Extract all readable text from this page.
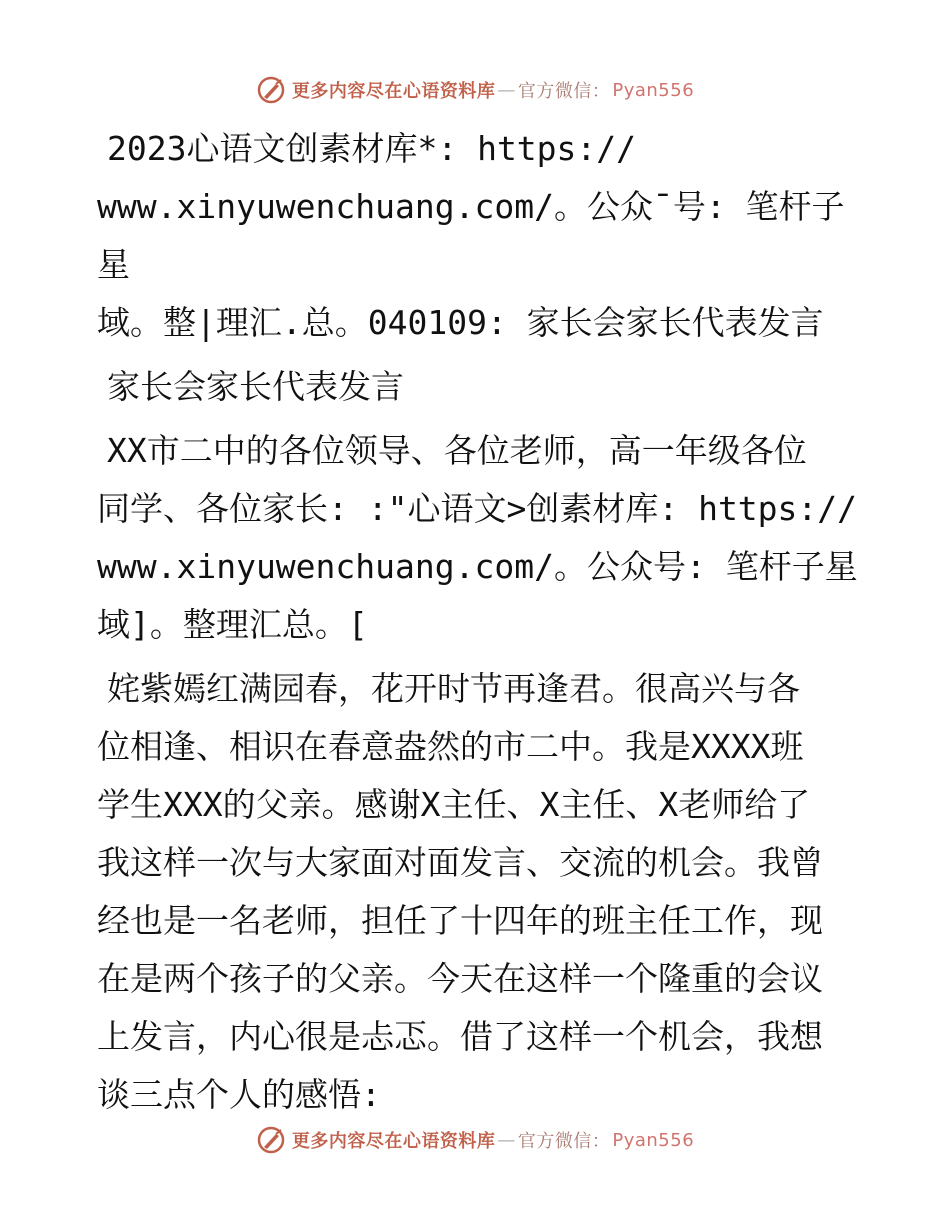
更多内容尽在心语资料库 — 官方微信： Pyan556

2023心语文创素材库*: https://
www.xinyuwenchuang.com/。公众¯号: 笔杆子星
域。整|理汇.总。040109: 家长会家长代表发言

家长会家长代表发言

XX市二中的各位领导、各位老师，高一年级各位
同学、各位家长: :"心语文>创素材库: https://
www.xinyuwenchuang.com/。公众号: 笔杆子星
域]。整理汇总。[

姹紫嫣红满园春，花开时节再逢君。很高兴与各
位相逢、相识在春意盎然的市二中。我是XXXX班
学生XXX的父亲。感谢X主任、X主任、X老师给了
我这样一次与大家面对面发言、交流的机会。我曾
经也是一名老师，担任了十四年的班主任工作，现
在是两个孩子的父亲。今天在这样一个隆重的会议
上发言，内心很是忐忑。借了这样一个机会，我想
谈三点个人的感悟:

更多内容尽在心语资料库 — 官方微信： Pyan556
